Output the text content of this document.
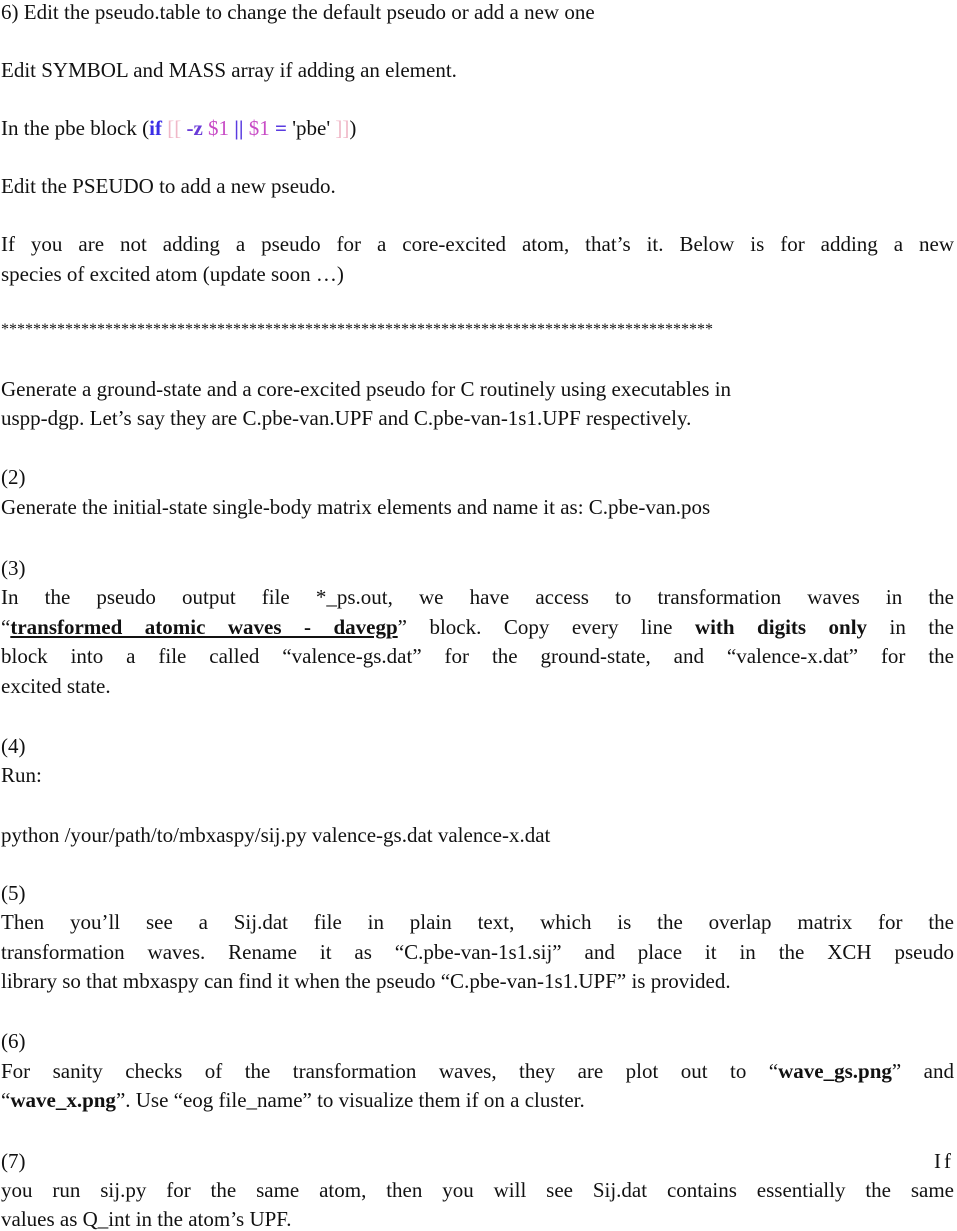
6) Edit the pseudo.table to change the default pseudo or add a new one
Edit SYMBOL and MASS array if adding an element.
In the pbe block (if [[ -z $1 || $1 = 'pbe' ]])
Edit the PSEUDO to add a new pseudo.
If you are not adding a pseudo for a core-excited atom, that’s it. Below is for adding a new
species of excited atom (update soon …)
*****************************************************************************************
Generate a ground-state and a core-excited pseudo for C routinely using executables in
uspp-dgp. Let’s say they are C.pbe-van.UPF and C.pbe-van-1s1.UPF respectively.
(2)
Generate the initial-state single-body matrix elements and name it as: C.pbe-van.pos
(3)
In the pseudo output file *_ps.out, we have access to transformation waves in the
“transformed atomic waves - davegp” block. Copy every line with digits only in the
block into a file called “valence-gs.dat” for the ground-state, and “valence-x.dat” for the
excited state.
(4)
Run:
python /your/path/to/mbxaspy/sij.py valence-gs.dat valence-x.dat
(5)
Then you’ll see a Sij.dat file in plain text, which is the overlap matrix for the
transformation waves. Rename it as “C.pbe-van-1s1.sij” and place it in the XCH pseudo
library so that mbxaspy can find it when the pseudo “C.pbe-van-1s1.UPF” is provided.
(6)
For sanity checks of the transformation waves, they are plot out to “wave_gs.png” and
“wave_x.png”. Use “eog file_name” to visualize them if on a cluster.
(7)	If
you run sij.py for the same atom, then you will see Sij.dat contains essentially the same
values as Q_int in the atom’s UPF.
